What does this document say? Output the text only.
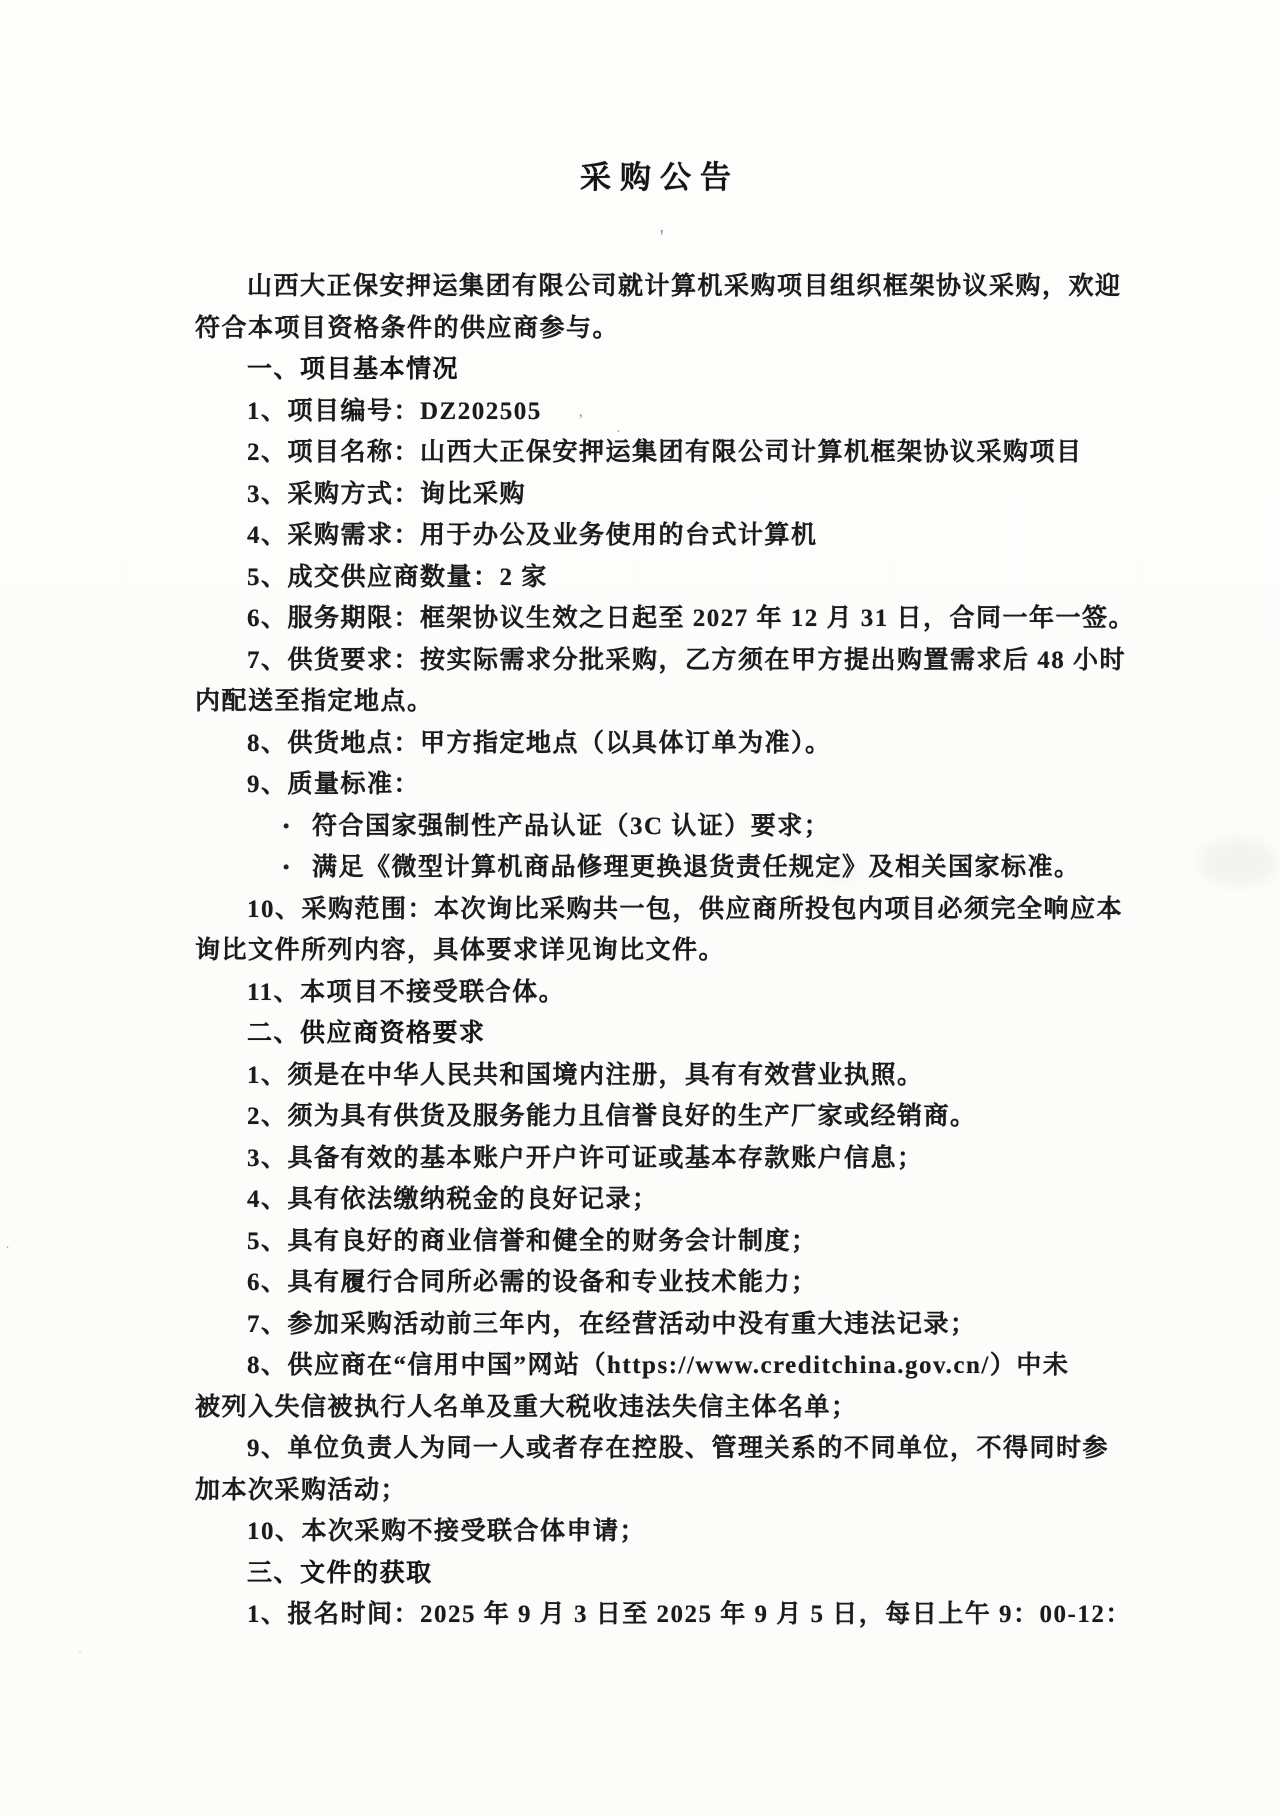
采购公告
山西大正保安押运集团有限公司就计算机采购项目组织框架协议采购，欢迎
符合本项目资格条件的供应商参与。
一、项目基本情况
1、项目编号：DZ202505
2、项目名称：山西大正保安押运集团有限公司计算机框架协议采购项目
3、采购方式：询比采购
4、采购需求：用于办公及业务使用的台式计算机
5、成交供应商数量：2 家
6、服务期限：框架协议生效之日起至 2027 年 12 月 31 日，合同一年一签。
7、供货要求：按实际需求分批采购，乙方须在甲方提出购置需求后 48 小时
内配送至指定地点。
8、供货地点：甲方指定地点（以具体订单为准）。
9、质量标准：
• 符合国家强制性产品认证（3C 认证）要求；
• 满足《微型计算机商品修理更换退货责任规定》及相关国家标准。
10、采购范围：本次询比采购共一包，供应商所投包内项目必须完全响应本
询比文件所列内容，具体要求详见询比文件。
11、本项目不接受联合体。
二、供应商资格要求
1、须是在中华人民共和国境内注册，具有有效营业执照。
2、须为具有供货及服务能力且信誉良好的生产厂家或经销商。
3、具备有效的基本账户开户许可证或基本存款账户信息；
4、具有依法缴纳税金的良好记录；
5、具有良好的商业信誉和健全的财务会计制度；
6、具有履行合同所必需的设备和专业技术能力；
7、参加采购活动前三年内，在经营活动中没有重大违法记录；
8、供应商在“信用中国”网站（https://www.creditchina.gov.cn/）中未
被列入失信被执行人名单及重大税收违法失信主体名单；
9、单位负责人为同一人或者存在控股、管理关系的不同单位，不得同时参
加本次采购活动；
10、本次采购不接受联合体申请；
三、文件的获取
1、报名时间：2025 年 9 月 3 日至 2025 年 9 月 5 日，每日上午 9：00-12：
'
’
·
·
·
